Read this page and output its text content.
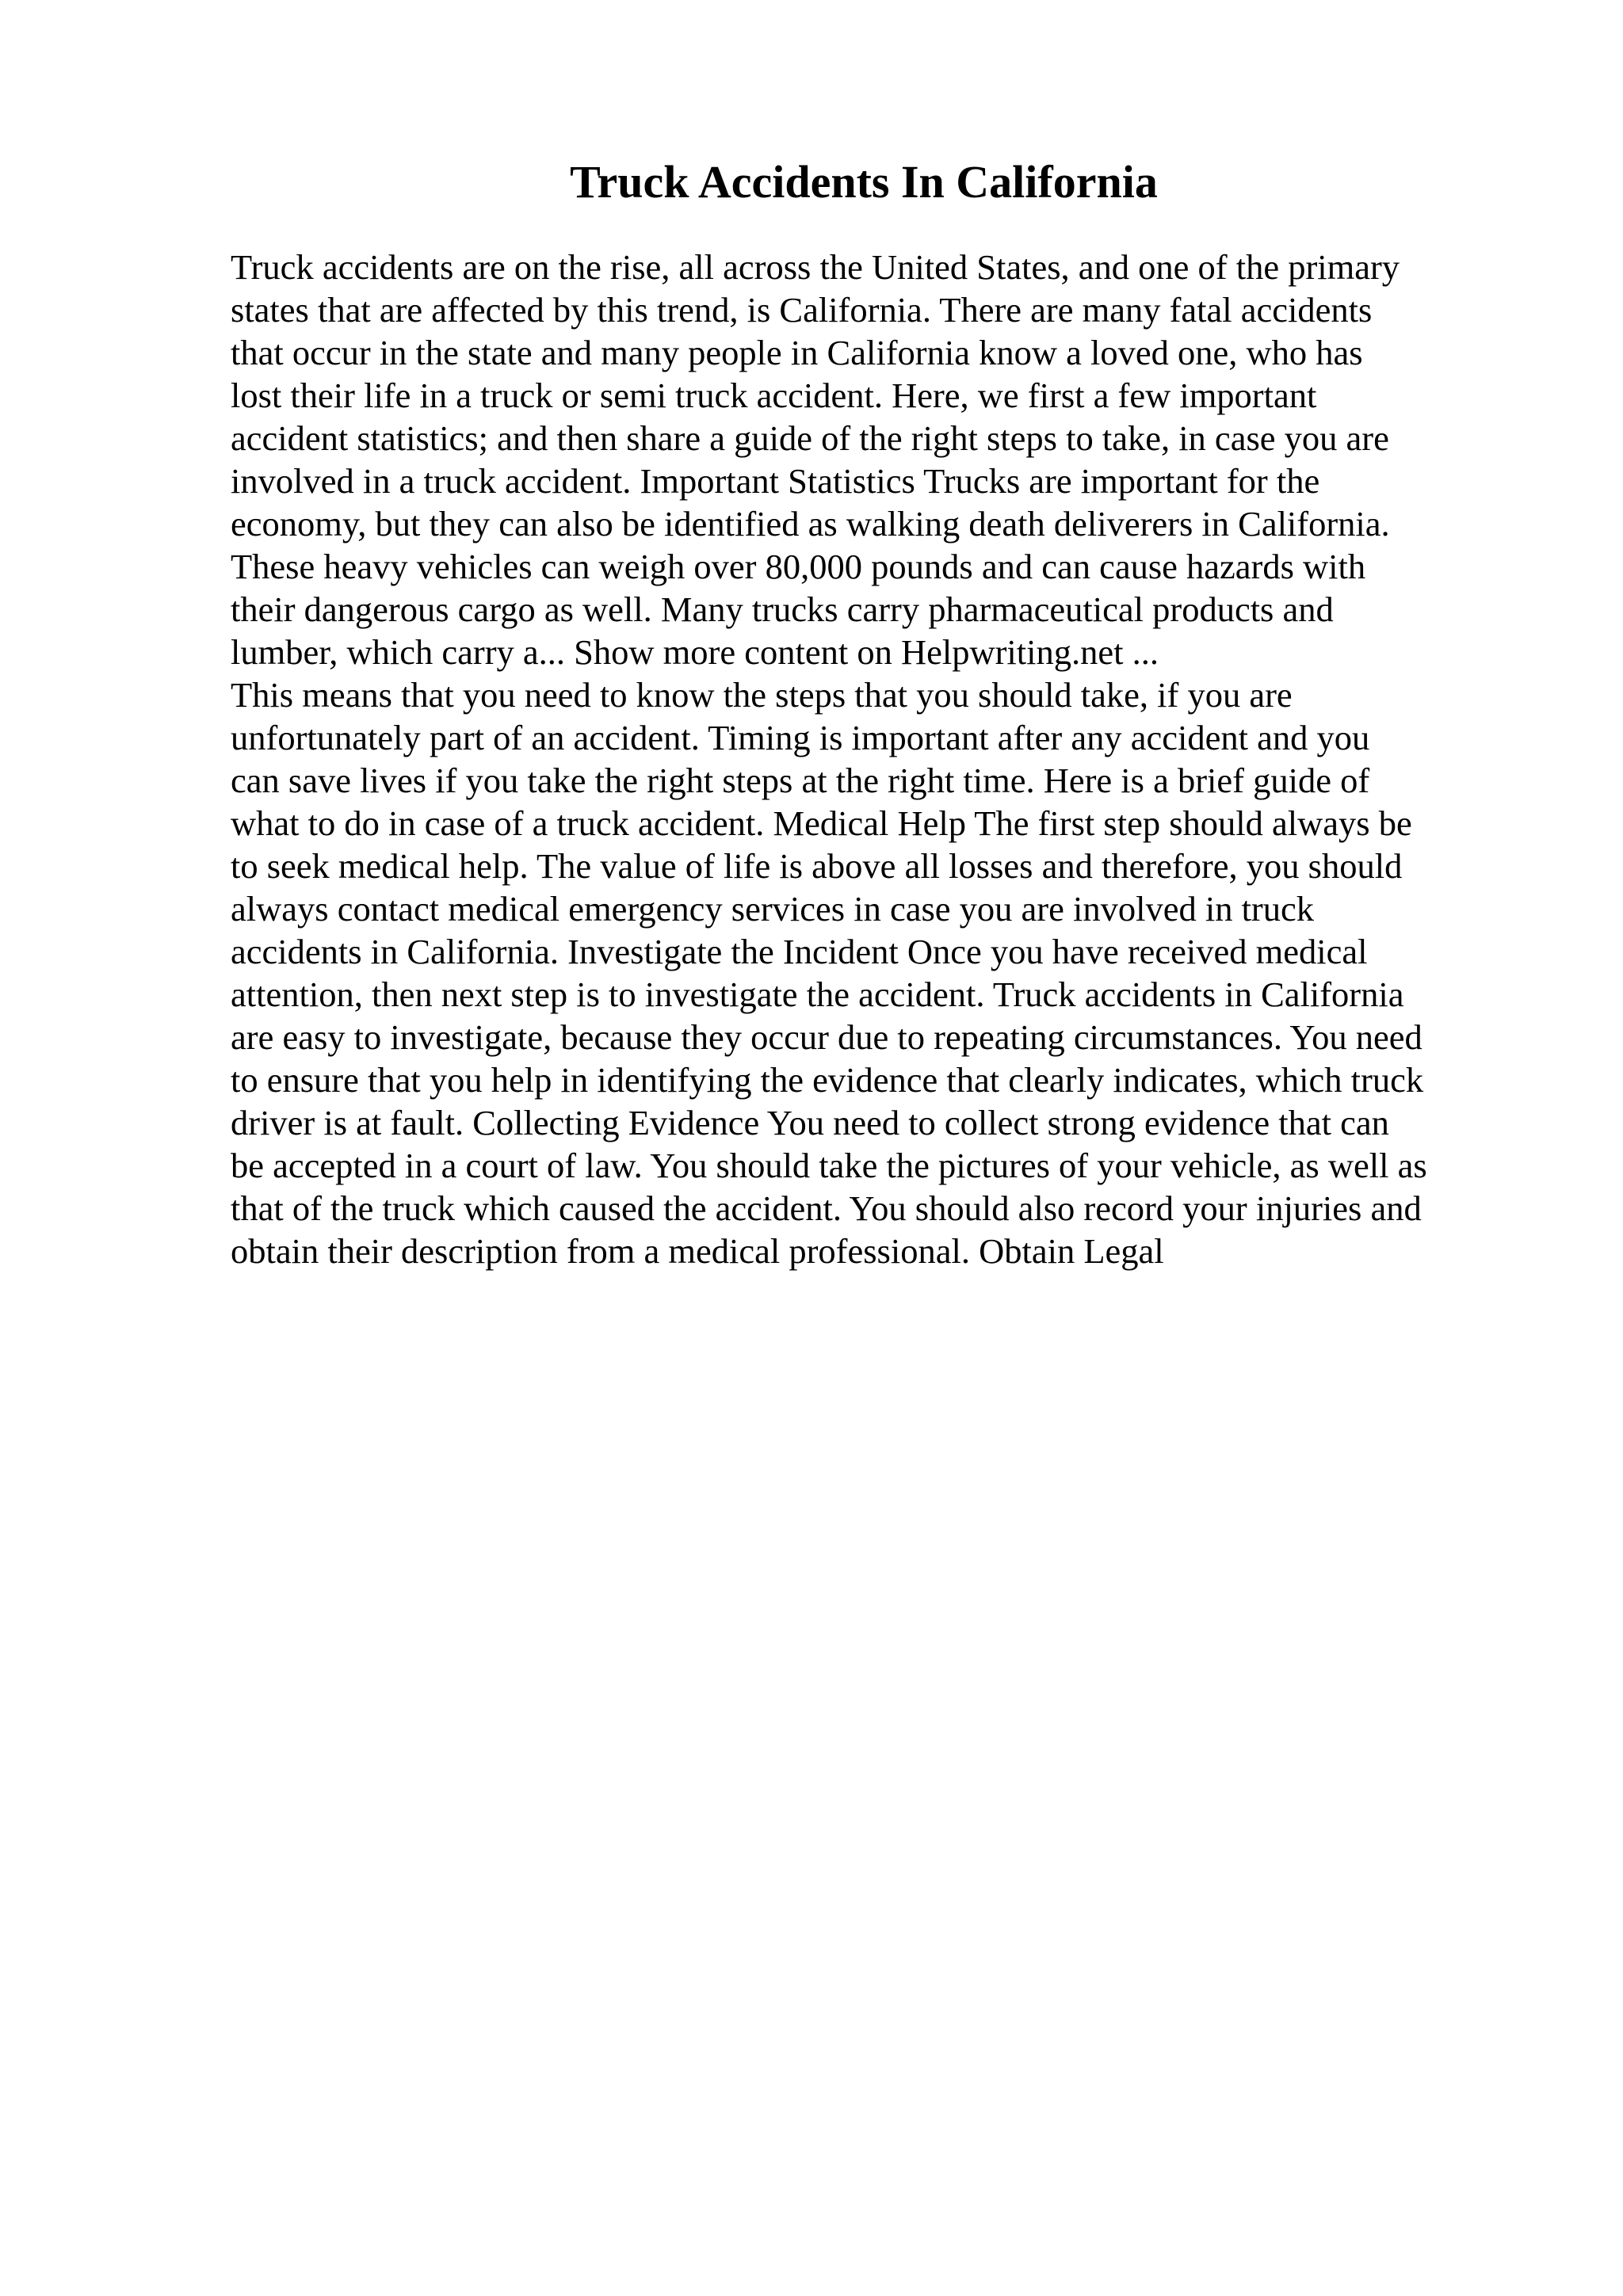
Truck Accidents In California
Truck accidents are on the rise, all across the United States, and one of the primary
states that are affected by this trend, is California. There are many fatal accidents
that occur in the state and many people in California know a loved one, who has
lost their life in a truck or semi truck accident. Here, we first a few important
accident statistics; and then share a guide of the right steps to take, in case you are
involved in a truck accident. Important Statistics Trucks are important for the
economy, but they can also be identified as walking death deliverers in California.
These heavy vehicles can weigh over 80,000 pounds and can cause hazards with
their dangerous cargo as well. Many trucks carry pharmaceutical products and
lumber, which carry a... Show more content on Helpwriting.net ...
This means that you need to know the steps that you should take, if you are
unfortunately part of an accident. Timing is important after any accident and you
can save lives if you take the right steps at the right time. Here is a brief guide of
what to do in case of a truck accident. Medical Help The first step should always be
to seek medical help. The value of life is above all losses and therefore, you should
always contact medical emergency services in case you are involved in truck
accidents in California. Investigate the Incident Once you have received medical
attention, then next step is to investigate the accident. Truck accidents in California
are easy to investigate, because they occur due to repeating circumstances. You need
to ensure that you help in identifying the evidence that clearly indicates, which truck
driver is at fault. Collecting Evidence You need to collect strong evidence that can
be accepted in a court of law. You should take the pictures of your vehicle, as well as
that of the truck which caused the accident. You should also record your injuries and
obtain their description from a medical professional. Obtain Legal
